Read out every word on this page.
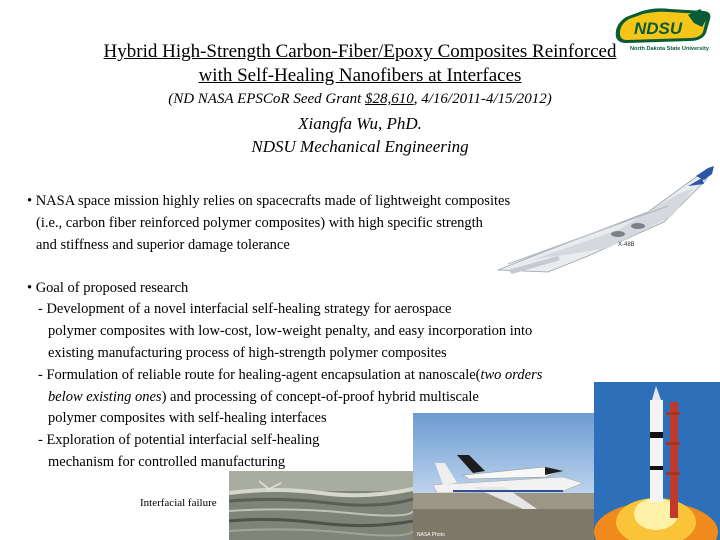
Hybrid High-Strength Carbon-Fiber/Epoxy Composites Reinforced
with Self-Healing Nanofibers at Interfaces
(ND NASA EPSCoR Seed Grant $28,610, 4/16/2011-4/15/2012)
Xiangfa Wu, PhD.
NDSU Mechanical Engineering
NDSU
North Dakota State University
• NASA space mission highly relies on spacecrafts made of lightweight composites
(i.e., carbon fiber reinforced polymer composites) with high specific strength
and stiffness and superior damage tolerance
• Goal of proposed research
- Development of a novel interfacial self-healing strategy for aerospace
polymer composites with low-cost, low-weight penalty, and easy incorporation into
existing manufacturing process of high-strength polymer composites
- Formulation of reliable route for healing-agent encapsulation at nanoscale(two orders
below existing ones) and processing of concept-of-proof hybrid multiscale
polymer composites with self-healing interfaces
- Exploration of potential interfacial self-healing
mechanism for controlled manufacturing
X-48B
Interfacial failure
NASA Photo
